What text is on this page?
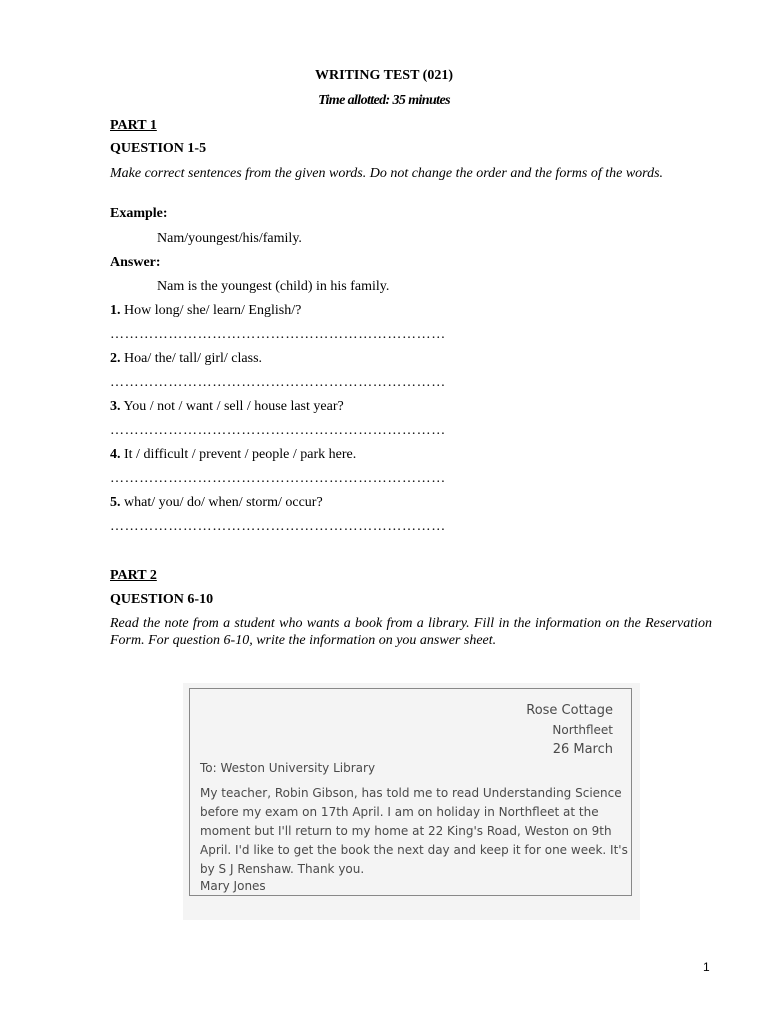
WRITING TEST (021)

Time allotted: 35 minutes

PART 1

QUESTION 1-5

Make correct sentences from the given words. Do not change the order and the forms of the words.

Example:

Nam/youngest/his/family.

Answer:

Nam is the youngest (child) in his family.

1. How long/ she/ learn/ English/?

……………………………………………………………

2. Hoa/ the/ tall/ girl/ class.

……………………………………………………………

3. You / not / want / sell / house last year?

……………………………………………………………

4. It / difficult / prevent / people / park here.

……………………………………………………………

5. what/ you/ do/ when/ storm/ occur?

……………………………………………………………

PART 2

QUESTION 6-10

Read the note from a student who wants a book from a library. Fill in the information on the Reservation Form. For question 6-10, write the information on you answer sheet.

Rose Cottage

Northfleet

26 March

To: Weston University Library

My teacher, Robin Gibson, has told me to read Understanding Science
before my exam on 17th April. I am on holiday in Northfleet at the
moment but I'll return to my home at 22 King's Road, Weston on 9th
April. I'd like to get the book the next day and keep it for one week. It's
by S J Renshaw. Thank you.

Mary Jones

1
